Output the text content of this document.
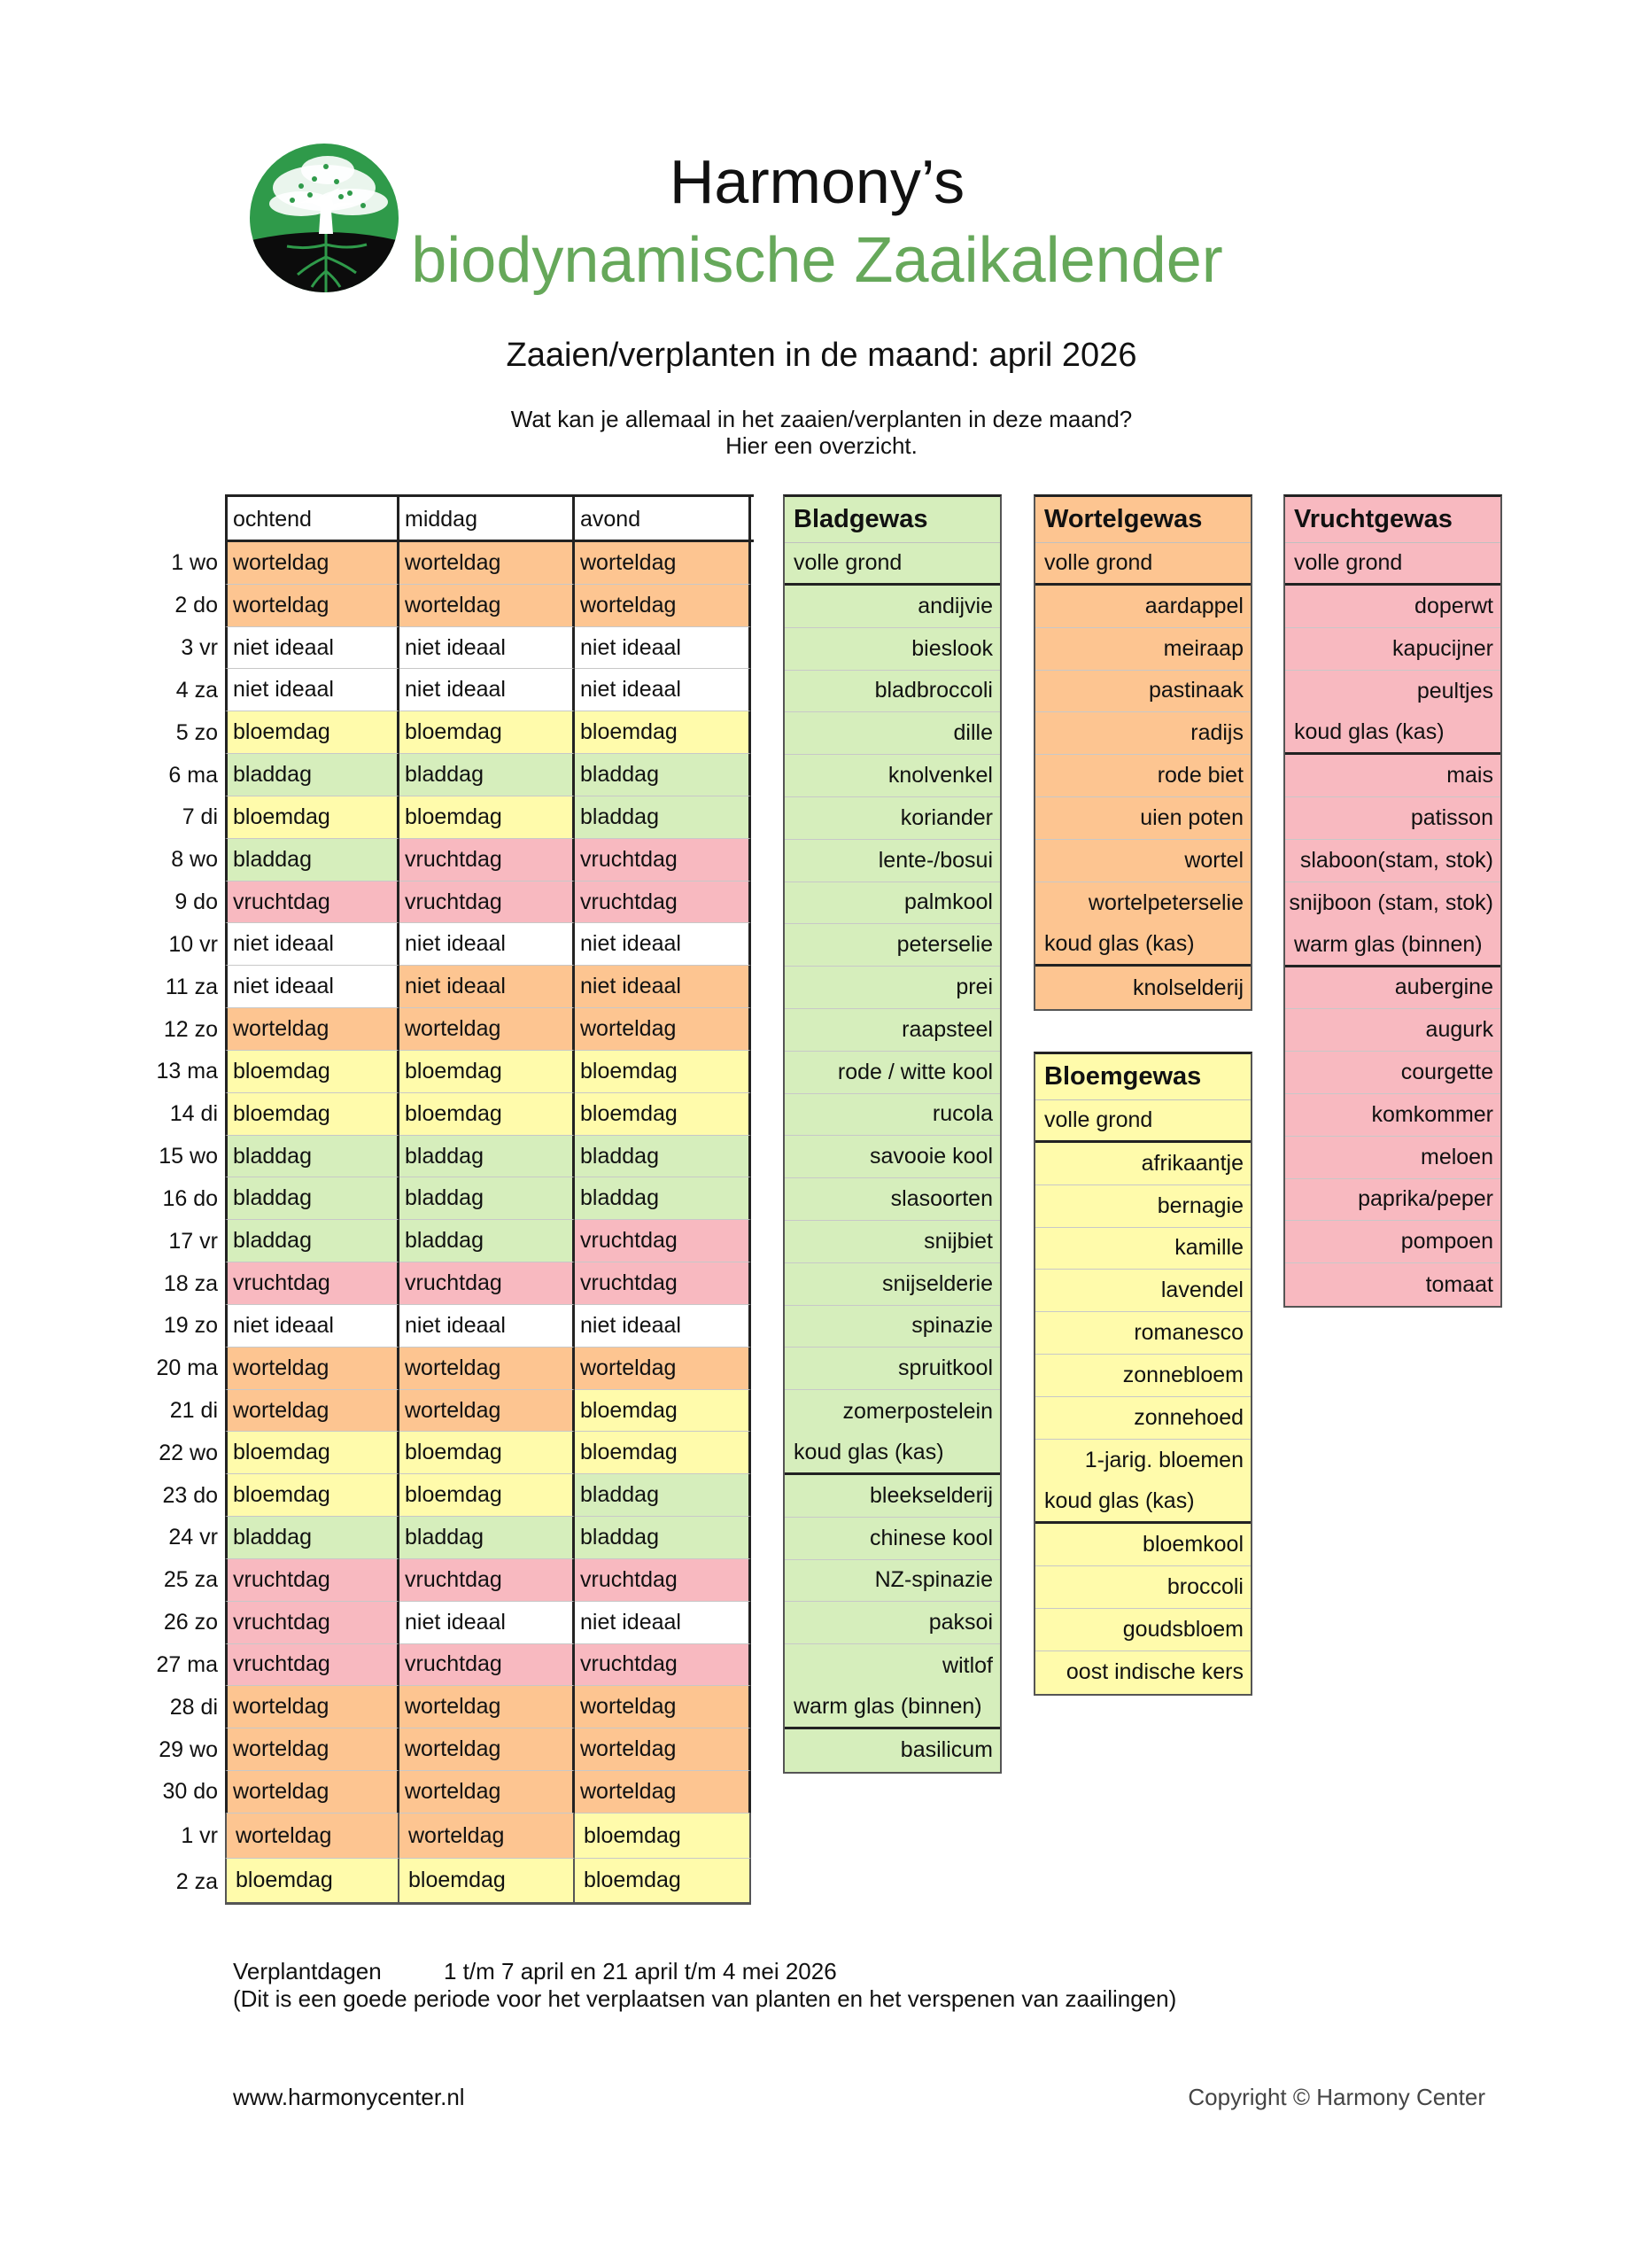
Harmony’s
biodynamische Zaaikalender
Zaaien/verplanten in de maand: april 2026
Wat kan je allemaal in het zaaien/verplanten in deze maand?
Hier een overzicht.
ochtend	middag	avond
1 wo worteldag	worteldag	worteldag
2 do worteldag	worteldag	worteldag
3 vr niet ideaal	niet ideaal	niet ideaal
4 za niet ideaal	niet ideaal	niet ideaal
5 zo bloemdag	bloemdag	bloemdag
6 ma bladdag	bladdag	bladdag
7 di bloemdag	bloemdag	bladdag
8 wo bladdag	vruchtdag	vruchtdag
9 do vruchtdag	vruchtdag	vruchtdag
10 vr niet ideaal	niet ideaal	niet ideaal
11 za niet ideaal	niet ideaal	niet ideaal
12 zo worteldag	worteldag	worteldag
13 ma bloemdag	bloemdag	bloemdag
14 di bloemdag	bloemdag	bloemdag
15 wo bladdag	bladdag	bladdag
16 do bladdag	bladdag	bladdag
17 vr bladdag	bladdag	vruchtdag
18 za vruchtdag	vruchtdag	vruchtdag
19 zo niet ideaal	niet ideaal	niet ideaal
20 ma worteldag	worteldag	worteldag
21 di worteldag	worteldag	bloemdag
22 wo bloemdag	bloemdag	bloemdag
23 do bloemdag	bloemdag	bladdag
24 vr bladdag	bladdag	bladdag
25 za vruchtdag	vruchtdag	vruchtdag
26 zo vruchtdag	niet ideaal	niet ideaal
27 ma vruchtdag	vruchtdag	vruchtdag
28 di worteldag	worteldag	worteldag
29 wo worteldag	worteldag	worteldag
30 do worteldag	worteldag	worteldag
1 vr worteldag	worteldag	bloemdag
2 za bloemdag	bloemdag	bloemdag
Bladgewas
volle grond
andijvie
bieslook
bladbroccoli
dille
knolvenkel
koriander
lente-/bosui
palmkool
peterselie
prei
raapsteel
rode / witte kool
rucola
savooie kool
slasoorten
snijbiet
snijselderie
spinazie
spruitkool
zomerpostelein
koud glas (kas)
bleekselderij
chinese kool
NZ-spinazie
paksoi
witlof
warm glas (binnen)
basilicum
Wortelgewas
volle grond
aardappel
meiraap
pastinaak
radijs
rode biet
uien poten
wortel
wortelpeterselie
koud glas (kas)
knolselderij
Bloemgewas
volle grond
afrikaantje
bernagie
kamille
lavendel
romanesco
zonnebloem
zonnehoed
1-jarig. bloemen
koud glas (kas)
bloemkool
broccoli
goudsbloem
oost indische kers
Vruchtgewas
volle grond
doperwt
kapucijner
peultjes
koud glas (kas)
mais
patisson
slaboon(stam, stok)
snijboon (stam, stok)
warm glas (binnen)
aubergine
augurk
courgette
komkommer
meloen
paprika/peper
pompoen
tomaat
Verplantdagen	1 t/m 7 april en 21 april t/m 4 mei 2026
(Dit is een goede periode voor het verplaatsen van planten en het verspenen van zaailingen)
www.harmonycenter.nl	Copyright © Harmony Center
